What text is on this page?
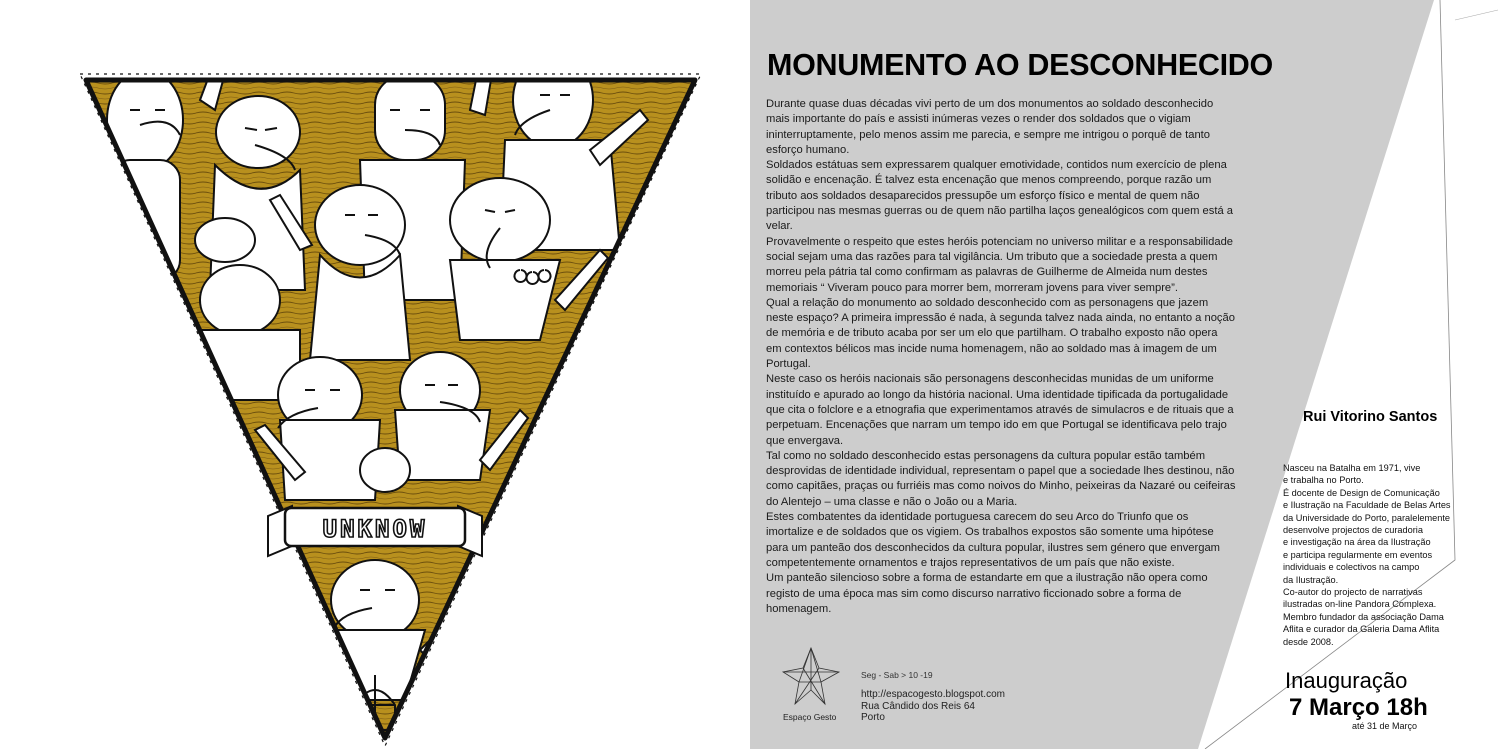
UNKNOW
MONUMENTO AO DESCONHECIDO

Durante quase duas décadas vivi perto de um dos monumentos ao soldado desconhecido mais importante do país e assisti inúmeras vezes o render dos soldados que o vigiam ininterruptamente, pelo menos assim me parecia, e sempre me intrigou o porquê de tanto esforço humano.

Soldados estátuas sem expressarem qualquer emotividade, contidos num exercício de plena solidão e encenação. É talvez esta encenação que menos compreendo, porque razão um tributo aos soldados desaparecidos pressupõe um esforço físico e mental de quem não participou nas mesmas guerras ou de quem não partilha laços genealógicos com quem está a velar.

Provavelmente o respeito que estes heróis potenciam no universo militar e a responsabilidade social sejam uma das razões para tal vigilância. Um tributo que a sociedade presta a quem morreu pela pátria tal como confirmam as palavras de Guilherme de Almeida num destes memoriais “ Viveram pouco para morrer bem, morreram jovens para viver sempre”.

Qual a relação do monumento ao soldado desconhecido com as personagens que jazem neste espaço? A primeira impressão é nada, à segunda talvez nada ainda, no entanto a noção de memória e de tributo acaba por ser um elo que partilham. O trabalho exposto não opera em contextos bélicos mas incide numa homenagem, não ao soldado mas à imagem de um Portugal.

Neste caso os heróis nacionais são personagens desconhecidas munidas de um uniforme instituído e apurado ao longo da história nacional. Uma identidade tipificada da portugalidade que cita o folclore e a etnografia que experimentamos através de simulacros e de rituais que a perpetuam. Encenações que narram um tempo ido em que Portugal se identificava pelo trajo que envergava.

Tal como no soldado desconhecido estas personagens da cultura popular estão também desprovidas de identidade individual, representam o papel que a sociedade lhes destinou, não como capitães, praças ou furriéis mas como noivos do Minho, peixeiras da Nazaré ou ceifeiras do Alentejo – uma classe e não o João ou a Maria.

Estes combatentes da identidade portuguesa carecem do seu Arco do Triunfo que os imortalize e de soldados que os vigiem. Os trabalhos expostos são somente uma hipótese para um panteão dos desconhecidos da cultura popular, ilustres sem género que envergam competentemente ornamentos e trajos representativos de um país que não existe.

Um panteão silencioso sobre a forma de estandarte em que a ilustração não opera como registo de uma época mas sim como discurso narrativo ficcionado sobre a forma de homenagem.

Rui Vitorino Santos
Nasceu na Batalha em 1971, vive
e trabalha no Porto.
É docente de Design de Comunicação
e Ilustração na Faculdade de Belas Artes
da Universidade do Porto, paralelemente
desenvolve projectos de curadoria
e investigação na área da Ilustração
e participa regularmente em eventos
individuais e colectivos na campo
da Ilustração.
Co-autor do projecto de narrativas
ilustradas on-line Pandora Complexa.
Membro fundador da associação Dama
Aflita e curador da Galeria Dama Aflita
desde 2008.
Espaço Gesto
Seg - Sab > 10 -19
http://espacogesto.blogspot.com
Rua Cândido dos Reis 64
Porto
Inauguração
7 Março 18h
até 31 de Março
